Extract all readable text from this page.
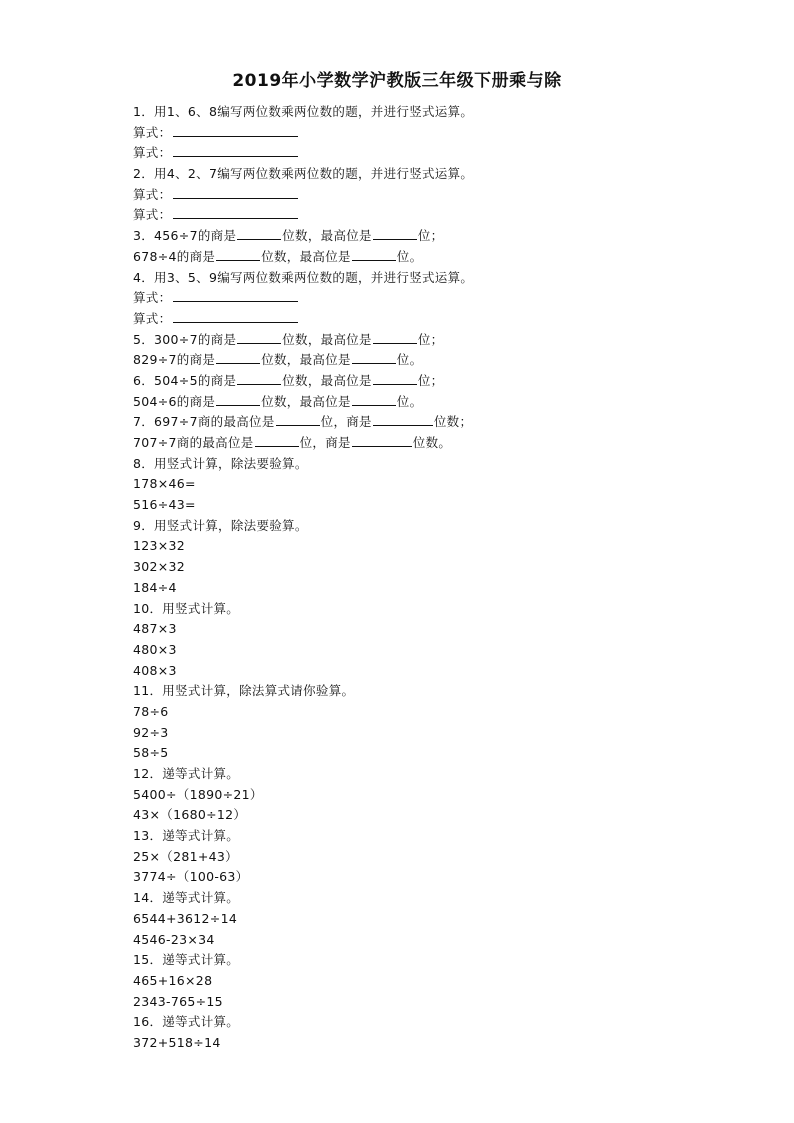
2019年小学数学沪教版三年级下册乘与除
1．用1、6、8编写两位数乘两位数的题，并进行竖式运算。
算式：
算式：
2．用4、2、7编写两位数乘两位数的题，并进行竖式运算。
算式：
算式：
3．456÷7的商是	位数，最高位是	位；
678÷4的商是	位数，最高位是	位。
4．用3、5、9编写两位数乘两位数的题，并进行竖式运算。
算式：
算式：
5．300÷7的商是	位数，最高位是	位；
829÷7的商是	位数，最高位是	位。
6．504÷5的商是	位数，最高位是	位；
504÷6的商是	位数，最高位是	位。
7．697÷7商的最高位是	位，商是	位数；
707÷7商的最高位是	位，商是	位数。
8．用竖式计算，除法要验算。
178×46=
516÷43=
9．用竖式计算，除法要验算。
123×32
302×32
184÷4
10．用竖式计算。
487×3
480×3
408×3
11．用竖式计算，除法算式请你验算。
78÷6
92÷3
58÷5
12．递等式计算。
5400÷（1890÷21）
43×（1680÷12）
13．递等式计算。
25×（281+43）
3774÷（100-63）
14．递等式计算。
6544+3612÷14
4546-23×34
15．递等式计算。
465+16×28
2343-765÷15
16．递等式计算。
372+518÷14
